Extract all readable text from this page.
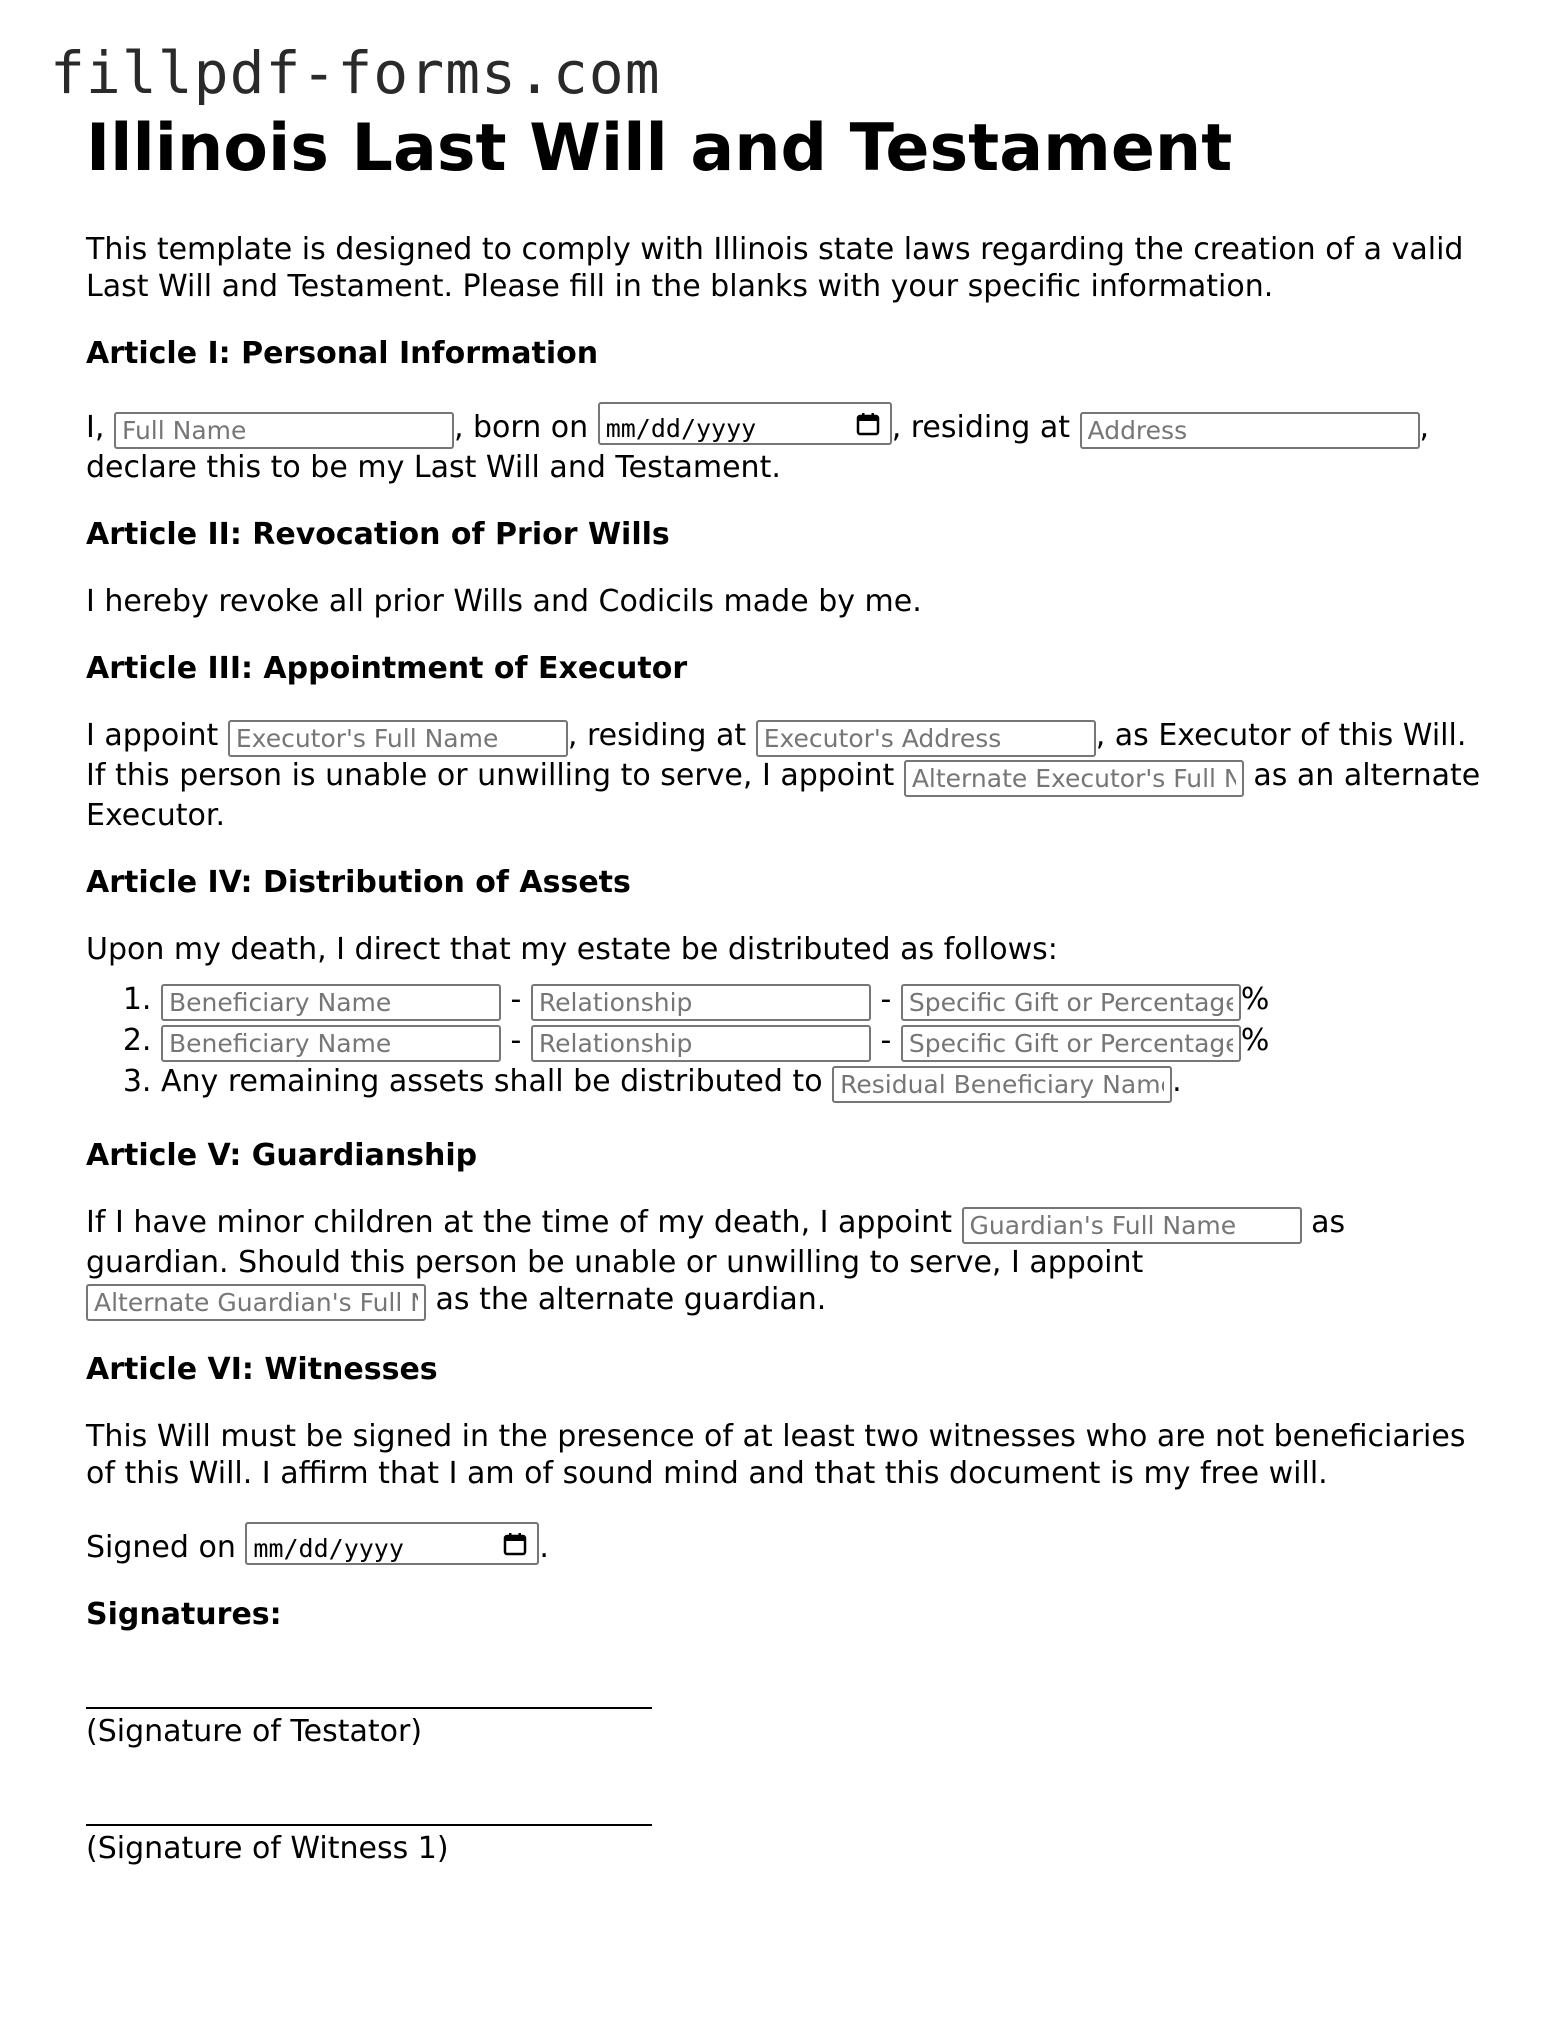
fillpdf-forms.com
Illinois Last Will and Testament

This template is designed to comply with Illinois state laws regarding the creation of a valid Last Will and Testament. Please fill in the blanks with your specific information.

Article I: Personal Information

I, Full Name	, born on mm/dd/yyyy	, residing at Address	, declare this to be my Last Will and Testament.

Article II: Revocation of Prior Wills

I hereby revoke all prior Wills and Codicils made by me.

Article III: Appointment of Executor

I appoint Executor's Full Name	, residing at Executor's Address	, as Executor of this Will. If this person is unable or unwilling to serve, I appoint Alternate Executor's Full Name	as an alternate Executor.

Article IV: Distribution of Assets

Upon my death, I direct that my estate be distributed as follows:

Beneficiary Name 1. - Relationship	- Specific Gift or Percentage	%
Beneficiary Name 2. - Relationship	- Specific Gift or Percentage	%
3. Any remaining assets shall be distributed to Residual Beneficiary Name	.
Article V: Guardianship

If I have minor children at the time of my death, I appoint Guardian's Full Name	as guardian. Should this person be unable or unwilling to serve, I appoint Alternate Guardian's Full Name as the alternate guardian.

Article VI: Witnesses

This Will must be signed in the presence of at least two witnesses who are not beneficiaries of this Will. I affirm that I am of sound mind and that this document is my free will.

Signed on mm/dd/yyyy	.

Signatures:
(Signature of Testator)
(Signature of Witness 1)
